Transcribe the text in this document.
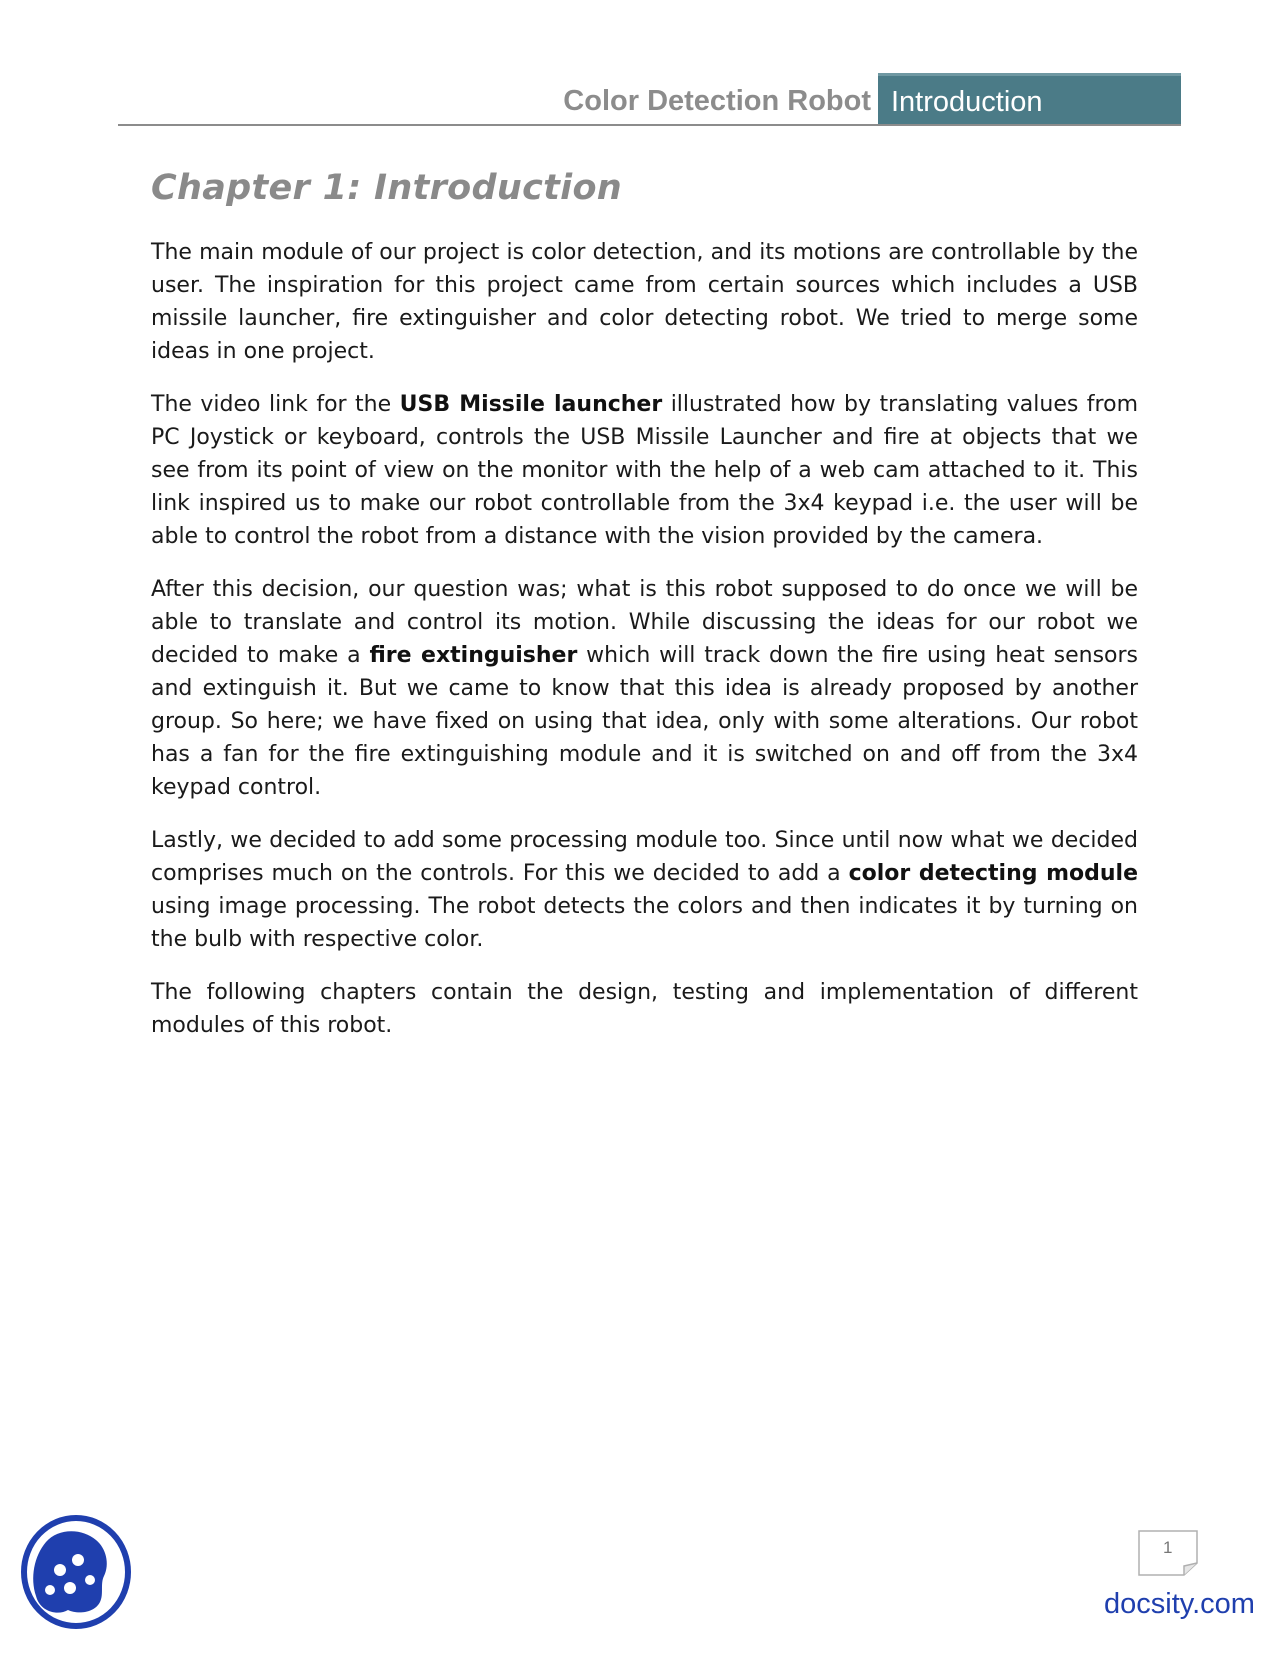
Color Detection Robot Introduction
Chapter 1: Introduction

The main module of our project is color detection, and its motions are controllable by the user. The inspiration for this project came from certain sources which includes a USB missile launcher, fire extinguisher and color detecting robot. We tried to merge some ideas in one project.

The video link for the USB Missile launcher illustrated how by translating values from PC Joystick or keyboard, controls the USB Missile Launcher and fire at objects that we see from its point of view on the monitor with the help of a web cam attached to it. This link inspired us to make our robot controllable from the 3x4 keypad i.e. the user will be able to control the robot from a distance with the vision provided by the camera.

After this decision, our question was; what is this robot supposed to do once we will be able to translate and control its motion. While discussing the ideas for our robot we decided to make a fire extinguisher which will track down the fire using heat sensors and extinguish it. But we came to know that this idea is already proposed by another group. So here; we have fixed on using that idea, only with some alterations. Our robot has a fan for the fire extinguishing module and it is switched on and off from the 3x4 keypad control.

Lastly, we decided to add some processing module too. Since until now what we decided comprises much on the controls. For this we decided to add a color detecting module using image processing. The robot detects the colors and then indicates it by turning on the bulb with respective color.

The following chapters contain the design, testing and implementation of different modules of this robot.

1
docsity.com
